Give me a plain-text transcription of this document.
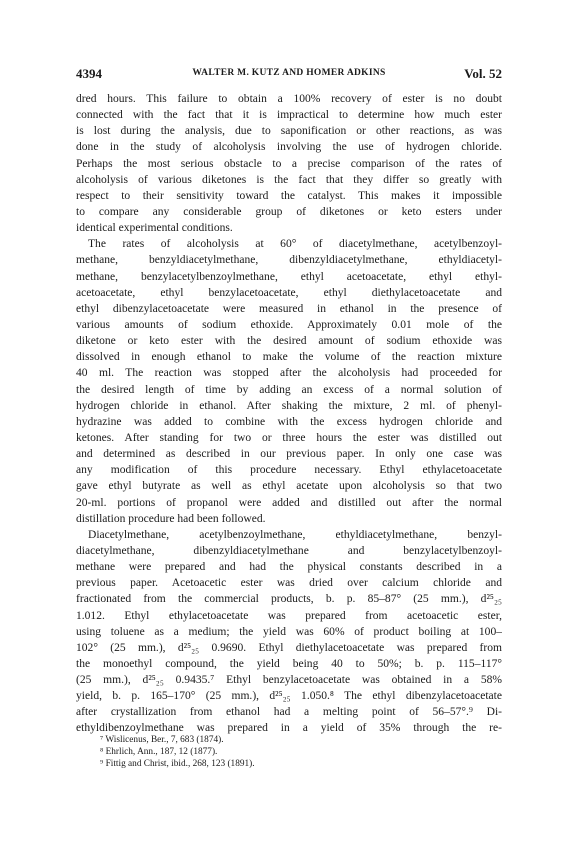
4394	WALTER M. KUTZ AND HOMER ADKINS	Vol. 52
dred hours. This failure to obtain a 100% recovery of ester is no doubt
connected with the fact that it is impractical to determine how much ester
is lost during the analysis, due to saponification or other reactions, as was
done in the study of alcoholysis involving the use of hydrogen chloride.
Perhaps the most serious obstacle to a precise comparison of the rates of
alcoholysis of various diketones is the fact that they differ so greatly with
respect to their sensitivity toward the catalyst. This makes it impossible
to compare any considerable group of diketones or keto esters under
identical experimental conditions.
The rates of alcoholysis at 60° of diacetylmethane, acetylbenzoyl-
methane, benzyldiacetylmethane, dibenzyldiacetylmethane, ethyldiacetyl-
methane, benzylacetylbenzoylmethane, ethyl acetoacetate, ethyl ethyl-
acetoacetate, ethyl benzylacetoacetate, ethyl diethylacetoacetate and
ethyl dibenzylacetoacetate were measured in ethanol in the presence of
various amounts of sodium ethoxide. Approximately 0.01 mole of the
diketone or keto ester with the desired amount of sodium ethoxide was
dissolved in enough ethanol to make the volume of the reaction mixture
40 ml. The reaction was stopped after the alcoholysis had proceeded for
the desired length of time by adding an excess of a normal solution of
hydrogen chloride in ethanol. After shaking the mixture, 2 ml. of phenyl-
hydrazine was added to combine with the excess hydrogen chloride and
ketones. After standing for two or three hours the ester was distilled out
and determined as described in our previous paper. In only one case was
any modification of this procedure necessary. Ethyl ethylacetoacetate
gave ethyl butyrate as well as ethyl acetate upon alcoholysis so that two
20-ml. portions of propanol were added and distilled out after the normal
distillation procedure had been followed.
Diacetylmethane, acetylbenzoylmethane, ethyldiacetylmethane, benzyl-
diacetylmethane, dibenzyldiacetylmethane and benzylacetylbenzoyl-
methane were prepared and had the physical constants described in a
previous paper. Acetoacetic ester was dried over calcium chloride and
fractionated from the commercial products, b. p. 85–87° (25 mm.), d²⁵₂₅
1.012. Ethyl ethylacetoacetate was prepared from acetoacetic ester,
using toluene as a medium; the yield was 60% of product boiling at 100–
102° (25 mm.), d²⁵₂₅ 0.9690. Ethyl diethylacetoacetate was prepared from
the monoethyl compound, the yield being 40 to 50%; b. p. 115–117°
(25 mm.), d²⁵₂₅ 0.9435.⁷ Ethyl benzylacetoacetate was obtained in a 58%
yield, b. p. 165–170° (25 mm.), d²⁵₂₅ 1.050.⁸ The ethyl dibenzylacetoacetate
after crystallization from ethanol had a melting point of 56–57°.⁹ Di-
ethyldibenzoylmethane was prepared in a yield of 35% through the re-
⁷ Wislicenus, Ber., 7, 683 (1874).
⁸ Ehrlich, Ann., 187, 12 (1877).
⁹ Fittig and Christ, ibid., 268, 123 (1891).
